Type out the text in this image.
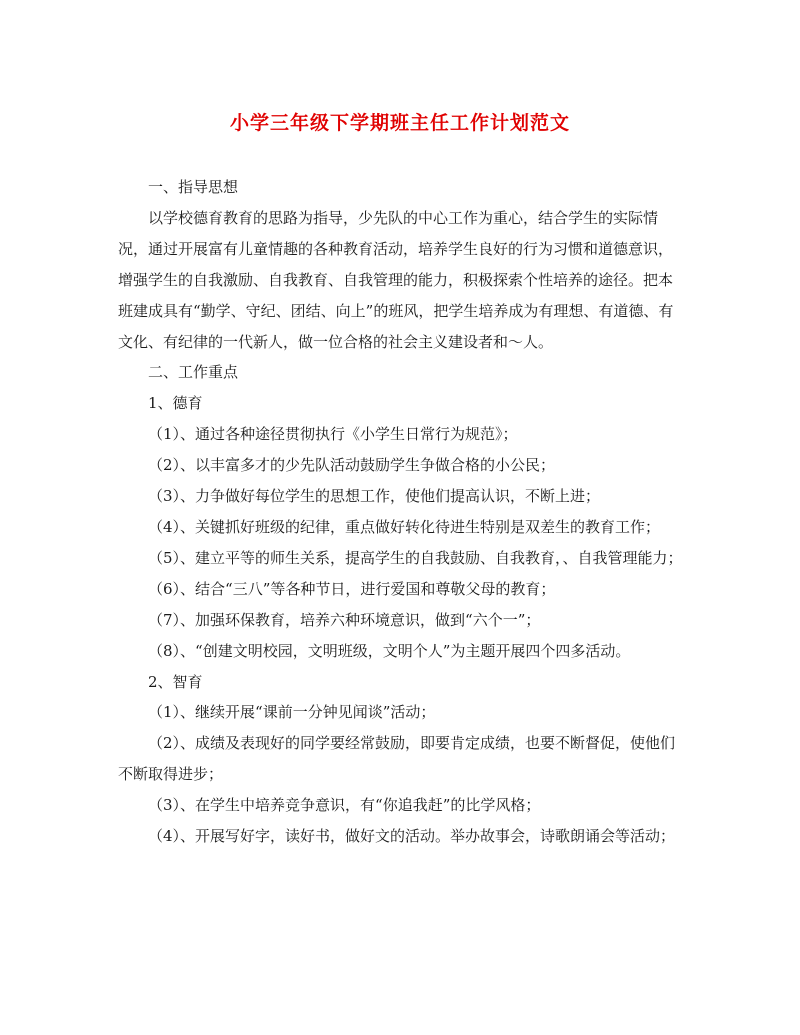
小学三年级下学期班主任工作计划范文

一、指导思想

以学校德育教育的思路为指导，少先队的中心工作为重心，结合学生的实际情况，通过开展富有儿童情趣的各种教育活动，培养学生良好的行为习惯和道德意识，增强学生的自我激励、自我教育、自我管理的能力，积极探索个性培养的途径。把本班建成具有“勤学、守纪、团结、向上”的班风，把学生培养成为有理想、有道德、有文化、有纪律的一代新人，做一位合格的社会主义建设者和～人。

二、工作重点

1、德育

（1）、通过各种途径贯彻执行《小学生日常行为规范》；

（2）、以丰富多才的少先队活动鼓励学生争做合格的小公民；

（3）、力争做好每位学生的思想工作，使他们提高认识，不断上进；

（4）、关键抓好班级的纪律，重点做好转化待进生特别是双差生的教育工作；

（5）、建立平等的师生关系，提高学生的自我鼓励、自我教育，、自我管理能力；

（6）、结合“三八”等各种节日，进行爱国和尊敬父母的教育；

（7）、加强环保教育，培养六种环境意识，做到“六个一”；

（8）、“创建文明校园，文明班级，文明个人”为主题开展四个四多活动。

2、智育

（1）、继续开展“课前一分钟见闻谈”活动；

（2）、成绩及表现好的同学要经常鼓励，即要肯定成绩，也要不断督促，使他们不断取得进步；

（3）、在学生中培养竞争意识，有“你追我赶”的比学风格；

（4）、开展写好字，读好书，做好文的活动。举办故事会，诗歌朗诵会等活动；
